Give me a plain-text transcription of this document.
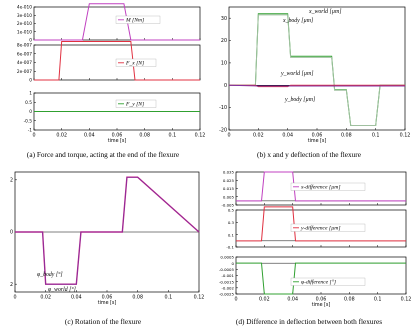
4e-010
3e-010
2e-010
1e-010
0
M [Nm]
8e-007
6e-007
4e-007
2e-007
0
F_x [N]
1
0.5
0
-0.5
-1
0	0.02	0.04	0.06	0.08	0.1	0.12
F_y [N]
time [s]
30
20
10
0
-10
-20
0	0.02	0.04	0.06	0.08	0.1	0.12
x_world [µm]
x_body [µm]
y_world [µm]
y_body [µm]
time [s]
2
0
2
0	0.02	0.04	0.06	0.08	0.1	0.12
φ_body [°]
φ_world [°]
time [s]
0.035
0.025
0.015
0.005
-0.005
x-difference [µm]
0.5
0.3
0.1
-0.1
y-difference [µm]
0.0005
0
-0.0005
-0.001
-0.0015
-0.002
-0.0025
0	0.02	0.04	0.06	0.08	0.1	0.12
φ-difference [°]
time [s]
(a) Force and torque, acting at the end of the flexure	(b) x and y deflection of the flexure
(c) Rotation of the flexure	(d) Difference in deflection between both flexures
